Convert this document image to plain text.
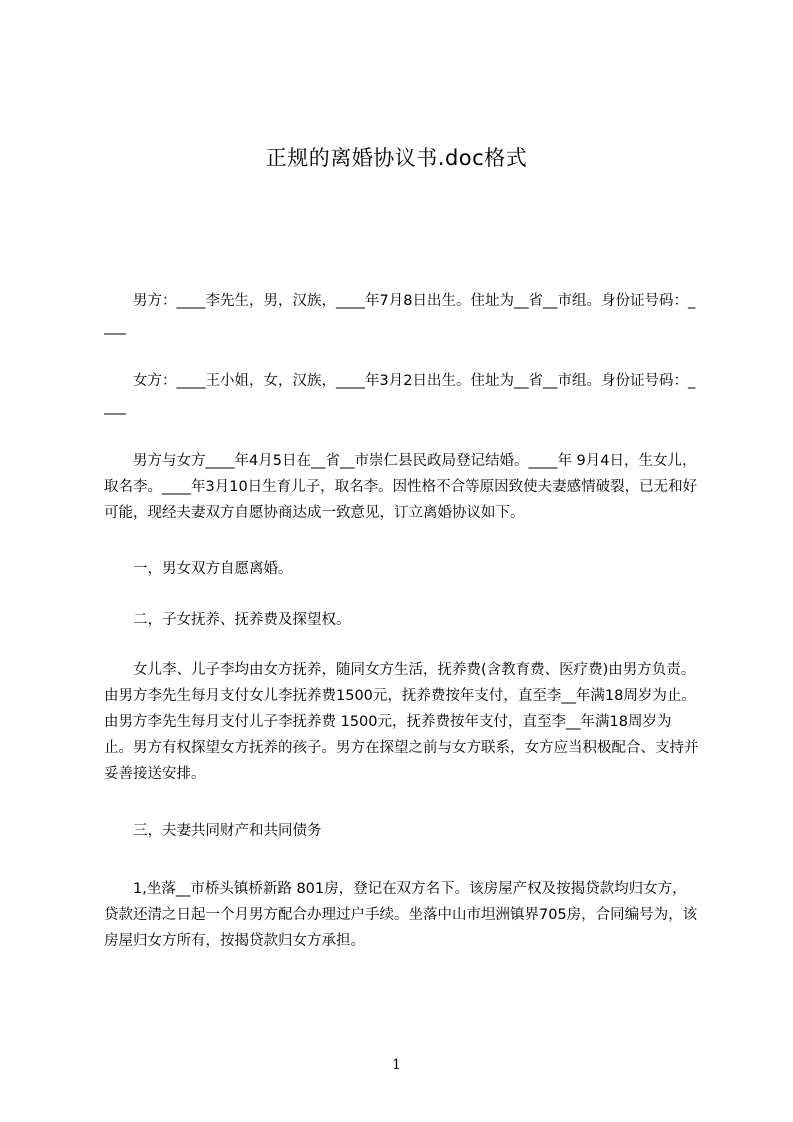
正规的离婚协议书.doc格式
男方：____李先生，男，汉族，____年7月8日出生。住址为__省__市组。身份证号码：____
女方：____王小姐，女，汉族，____年3月2日出生。住址为__省__市组。身份证号码：____
男方与女方____年4月5日在__省__市崇仁县民政局登记结婚。____年 9月4日，生女儿，取名李。____年3月10日生育儿子，取名李。因性格不合等原因致使夫妻感情破裂，已无和好可能，现经夫妻双方自愿协商达成一致意见，订立离婚协议如下。
一，男女双方自愿离婚。
二，子女抚养、抚养费及探望权。
女儿李、儿子李均由女方抚养，随同女方生活，抚养费(含教育费、医疗费)由男方负责。由男方李先生每月支付女儿李抚养费1500元，抚养费按年支付，直至李__年满18周岁为止。由男方李先生每月支付儿子李抚养费 1500元，抚养费按年支付，直至李__年满18周岁为止。男方有权探望女方抚养的孩子。男方在探望之前与女方联系，女方应当积极配合、支持并妥善接送安排。
三，夫妻共同财产和共同债务
1,坐落__市桥头镇桥新路 801房，登记在双方名下。该房屋产权及按揭贷款均归女方，贷款还清之日起一个月男方配合办理过户手续。坐落中山市坦洲镇界705房，合同编号为，该房屋归女方所有，按揭贷款归女方承担。
1
